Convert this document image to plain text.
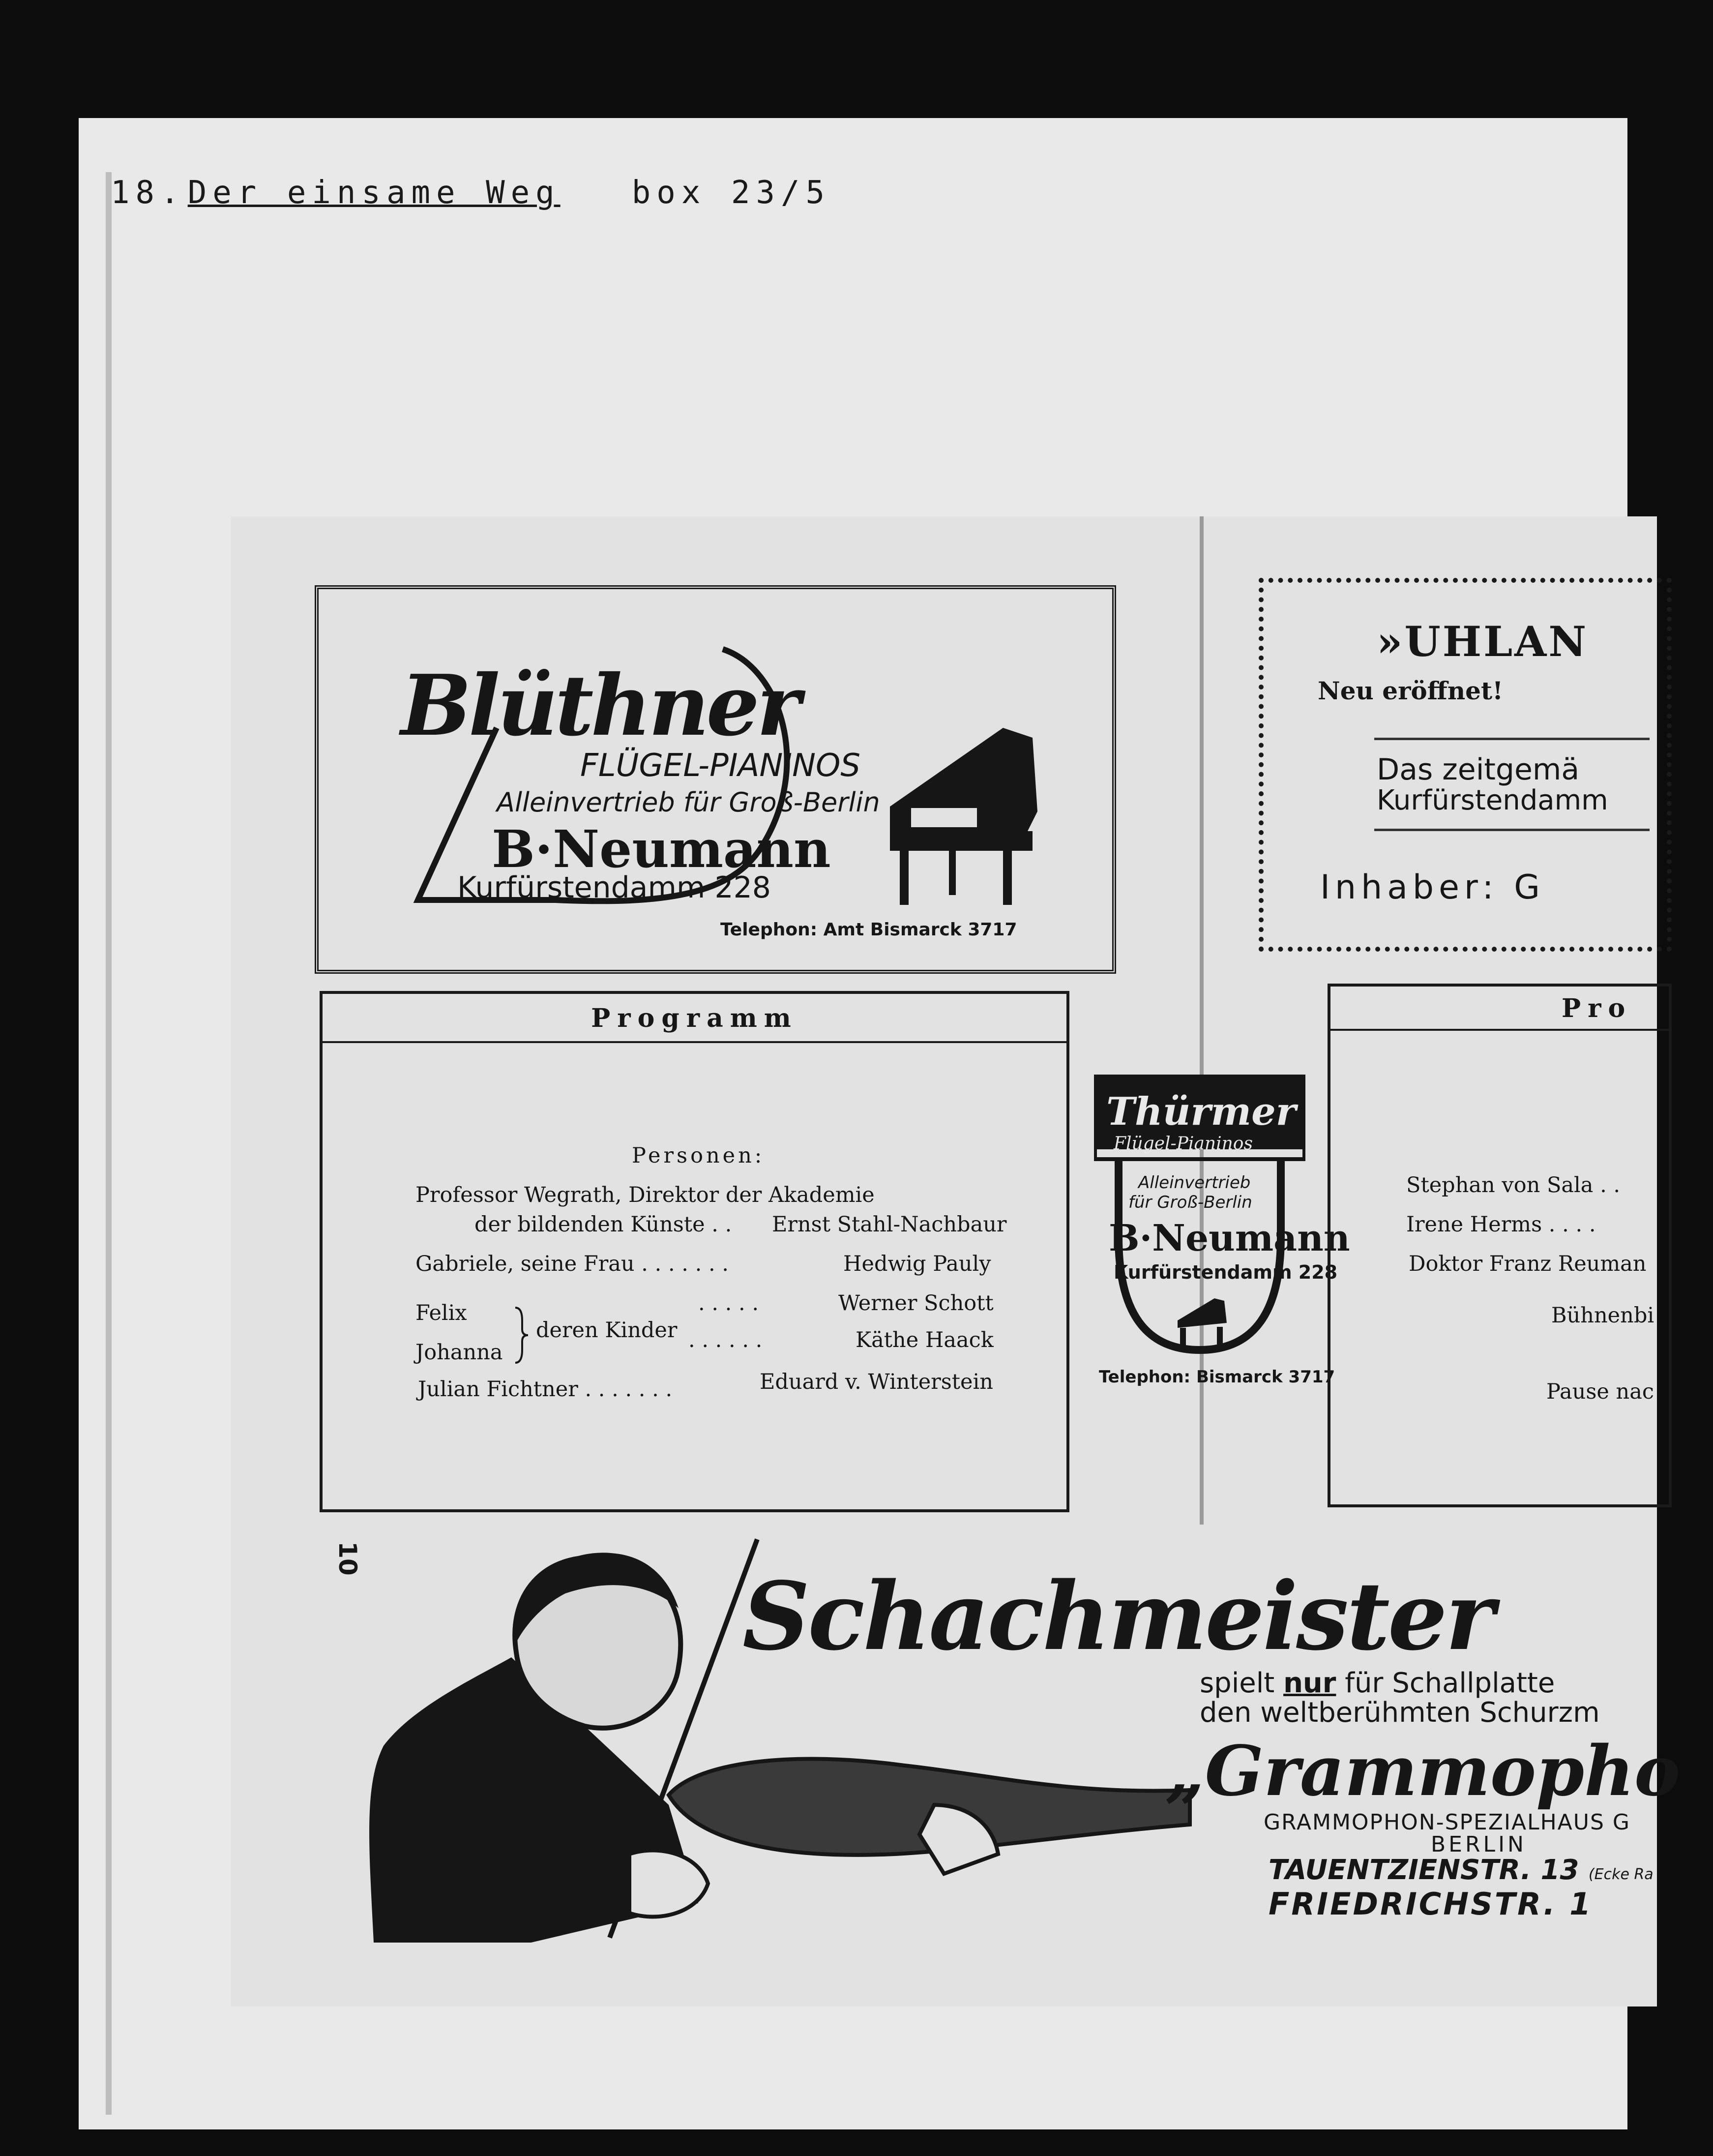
18. Der einsame Weg box 23/5
Blüthner
FLÜGEL-PIANINOS
Alleinvertrieb für Groß-Berlin
B·Neumann
Kurfürstendamm 228
Telephon: Amt Bismarck 3717
»UHLAN
Neu eröffnet!
Das zeitgemä
Kurfürstendamm
Inhaber: G
Programm
Personen:
Professor Wegrath, Direktor der Akademie
der bildenden Künste . . Ernst Stahl-Nachbaur
Gabriele, seine Frau . . . . . . .	Hedwig Pauly
Felix	. . . . .	Werner Schott
deren Kinder
Johanna	. . . . . .	Käthe Haack
Julian Fichtner . . . . . . .	Eduard v. Winterstein
Thürmer
Flügel-Pianinos
Alleinvertrieb
für Groß-Berlin
B·Neumann
Kurfürstendamm 228
Telephon: Bismarck 3717
Pro
Stephan von Sala . .
Irene Herms . . . .
Doktor Franz Reuman
Bühnenbi
Pause nac
10
Schachmeister
spielt nur für Schallplatte
den weltberühmten Schurzm
„Grammopho
GRAMMOPHON-SPEZIALHAUS G
BERLIN
TAUENTZIENSTR. 13 (Ecke Ra
FRIEDRICHSTR. 1
